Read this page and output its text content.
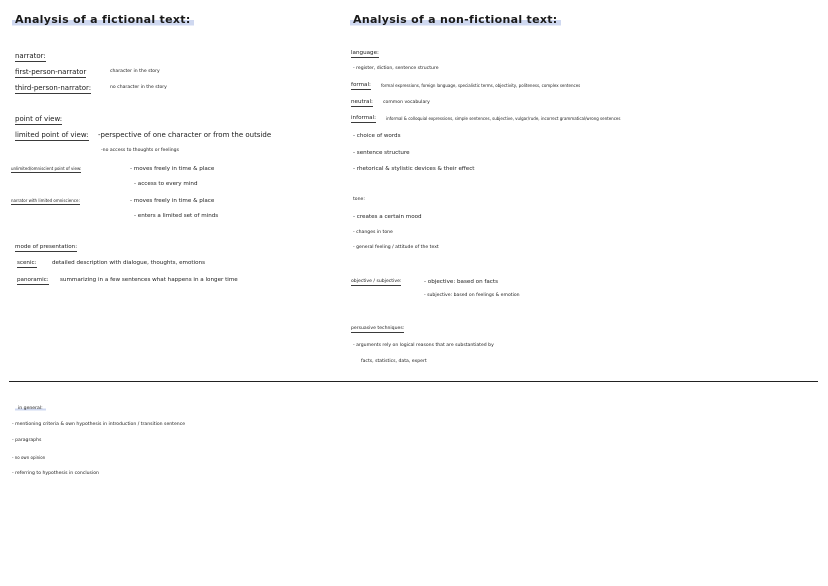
Analysis of a fictional text:
narrator:
first-person-narrator	character in the story
third-person-narrator:	no character in the story
point of view:
limited point of view: -perspective of one character or from the outside
-no access to thoughts or feelings
unlimited/omniscient point of view:	- moves freely in time & place
- access to every mind
narrator with limited omniscience:	- moves freely in time & place
- enters a limited set of minds
mode of presentation:
scenic:	detailed description with dialogue, thoughts, emotions
panoramic: summarizing in a few sentences what happens in a longer time
Analysis of a non-fictional text:
language:
- register, diction, sentence structure
formal:	formal expressions, foreign language, specialistic terms, objectivity, politeness, complex sentences
neutral: common vocabulary
informal: informal & colloquial expressions, simple sentences, subjective, vulgar/rude, incorrect grammatical/wrong sentences
- choice of words
- sentence structure
- rhetorical & stylistic devices & their effect
tone:
- creates a certain mood
- changes in tone
- general feeling / attitude of the text
objective / subjective:	- objective: based on facts
- subjective: based on feelings & emotion
persuasive techniques:
- arguments rely on logical reasons that are substantiated by
facts, statistics, data, expert
in general:
- mentioning criteria & own hypothesis in introduction / transition sentence
- paragraphs
- no own opinion
- referring to hypothesis in conclusion
